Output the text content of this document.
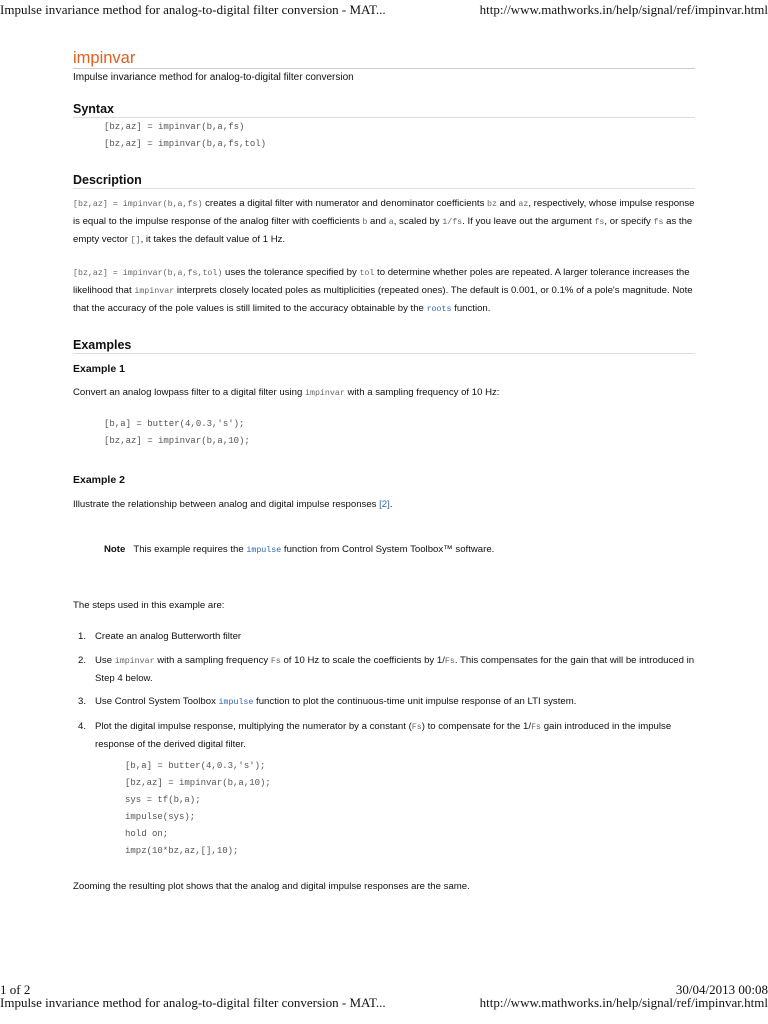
Impulse invariance method for analog-to-digital filter conversion - MAT...	http://www.mathworks.in/help/signal/ref/impinvar.html
impinvar
Impulse invariance method for analog-to-digital filter conversion
Syntax
[bz,az] = impinvar(b,a,fs)
[bz,az] = impinvar(b,a,fs,tol)
Description

[bz,az] = impinvar(b,a,fs) creates a digital filter with numerator and denominator coefficients bz and az, respectively, whose impulse response is equal to the impulse response of the analog filter with coefficients b and a, scaled by 1/fs. If you leave out the argument fs, or specify fs as the empty vector [], it takes the default value of 1 Hz.

[bz,az] = impinvar(b,a,fs,tol) uses the tolerance specified by tol to determine whether poles are repeated. A larger tolerance increases the likelihood that impinvar interprets closely located poles as multiplicities (repeated ones). The default is 0.001, or 0.1% of a pole's magnitude. Note that the accuracy of the pole values is still limited to the accuracy obtainable by the roots function.

Examples
Example 1

Convert an analog lowpass filter to a digital filter using impinvar with a sampling frequency of 10 Hz:

[b,a] = butter(4,0.3,'s');
[bz,az] = impinvar(b,a,10);
Example 2

Illustrate the relationship between analog and digital impulse responses [2].

Note This example requires the impulse function from Control System Toolbox™ software.

The steps used in this example are:

1. Create an analog Butterworth filter
2. Use impinvar with a sampling frequency Fs of 10 Hz to scale the coefficients by 1/Fs. This compensates for the gain that will be introduced in Step 4 below.
3. Use Control System Toolbox impulse function to plot the continuous-time unit impulse response of an LTI system.
4. Plot the digital impulse response, multiplying the numerator by a constant (Fs) to compensate for the 1/Fs gain introduced in the impulse response of the derived digital filter.
[b,a] = butter(4,0.3,'s');
[bz,az] = impinvar(b,a,10);
sys = tf(b,a);
impulse(sys);
hold on;
impz(10*bz,az,[],10);

Zooming the resulting plot shows that the analog and digital impulse responses are the same.

1 of 2	30/04/2013 00:08
Impulse invariance method for analog-to-digital filter conversion - MAT...	http://www.mathworks.in/help/signal/ref/impinvar.html
